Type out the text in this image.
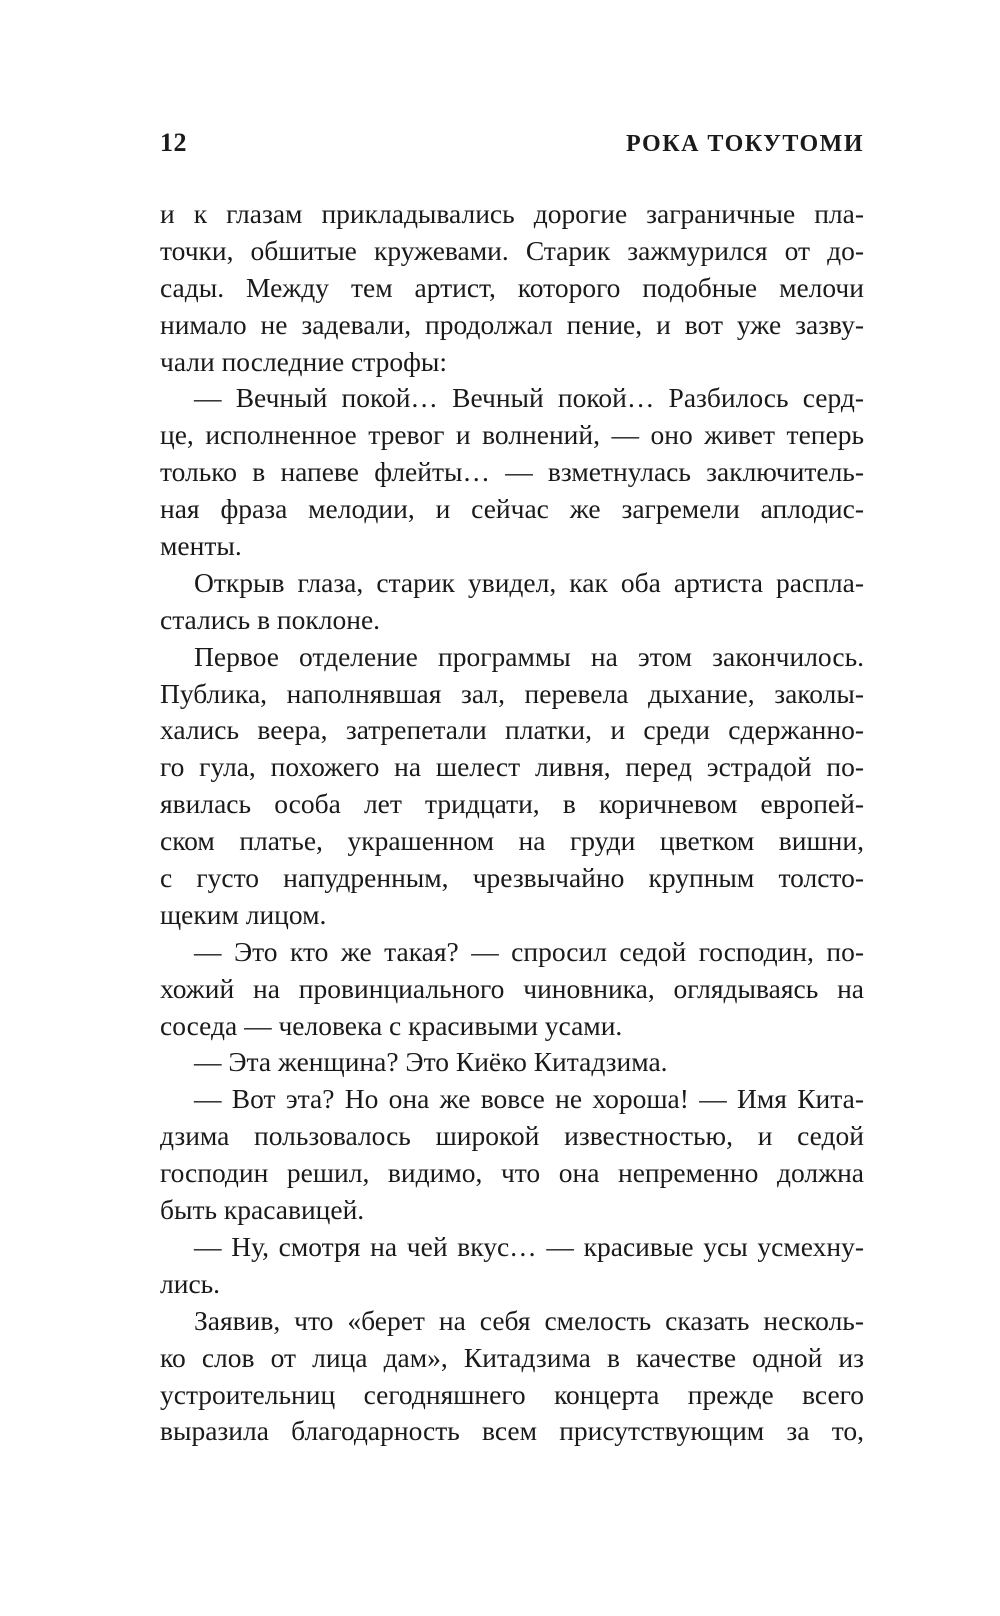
12	РОКА ТОКУТОМИ
и к глазам прикладывались дорогие заграничные пла-
точки, обшитые кружевами. Старик зажмурился от до-
сады. Между тем артист, которого подобные мелочи
нимало не задевали, продолжал пение, и вот уже зазву-
чали последние строфы:
— Вечный покой… Вечный покой… Разбилось серд-
це, исполненное тревог и волнений, — оно живет теперь
только в напеве флейты… — взметнулась заключитель-
ная фраза мелодии, и сейчас же загремели аплодис-
менты.
Открыв глаза, старик увидел, как оба артиста распла-
стались в поклоне.
Первое отделение программы на этом закончилось.
Публика, наполнявшая зал, перевела дыхание, заколы-
хались веера, затрепетали платки, и среди сдержанно-
го гула, похожего на шелест ливня, перед эстрадой по-
явилась особа лет тридцати, в коричневом европей-
ском платье, украшенном на груди цветком вишни,
с густо напудренным, чрезвычайно крупным толсто-
щеким лицом.
— Это кто же такая? — спросил седой господин, по-
хожий на провинциального чиновника, оглядываясь на
соседа — человека с красивыми усами.
— Эта женщина? Это Киёко Китадзима.
— Вот эта? Но она же вовсе не хороша! — Имя Кита-
дзима пользовалось широкой известностью, и седой
господин решил, видимо, что она непременно должна
быть красавицей.
— Ну, смотря на чей вкус… — красивые усы усмехну-
лись.
Заявив, что «берет на себя смелость сказать несколь-
ко слов от лица дам», Китадзима в качестве одной из
устроительниц сегодняшнего концерта прежде всего
выразила благодарность всем присутствующим за то,
